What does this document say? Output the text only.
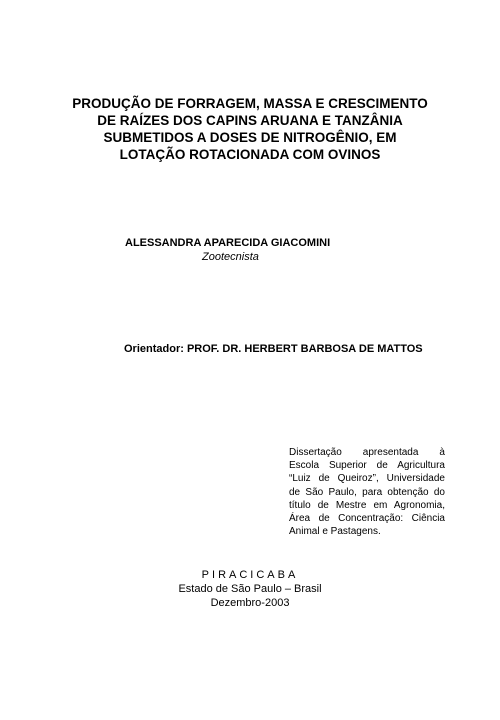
PRODUÇÃO DE FORRAGEM, MASSA E CRESCIMENTO
DE RAÍZES DOS CAPINS ARUANA E TANZÂNIA
SUBMETIDOS A DOSES DE NITROGÊNIO, EM
LOTAÇÃO ROTACIONADA COM OVINOS
ALESSANDRA APARECIDA GIACOMINI
Zootecnista
Orientador: PROF. DR. HERBERT BARBOSA DE MATTOS

Dissertação apresentada à
Escola Superior de Agricultura
“Luiz de Queiroz”, Universidade
de São Paulo, para obtenção do
título de Mestre em Agronomia,
Área de Concentração: Ciência
Animal e Pastagens.

PIRACICABA
Estado de São Paulo – Brasil
Dezembro-2003
